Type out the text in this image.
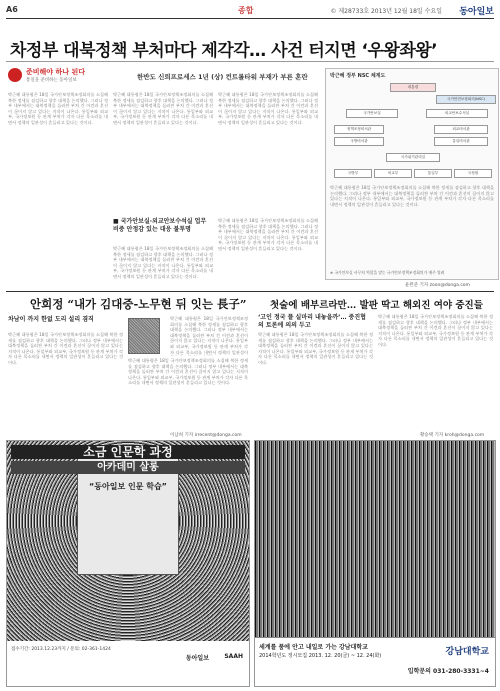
A6	종합	© 제28733호 2013년 12월 18일 수요일 동아일보
차정부 대북정책 부처마다 제각각… 사건 터지면 ‘우왕좌왕’
준비해야 하나 된다
통일을 준비하는 동아일보	한반도 신뢰프로세스 1년 (상) 컨트롤타워 부재가 부른 혼란
박근혜 대통령은 18일 국가안보정책조정회의를 소집해 북한 정세를 점검하고 향후 대책을 논의했다. 그러나 정부 내부에서는 대북정책을 둘러싼 부처 간 이견과 혼선이 끊이지 않고 있다는 지적이 나온다. 통일부와 외교부, 국가정보원 등 관계 부처가 각자 다른 목소리를 내면서 정책의 일관성이 흔들리고 있다는 것이다.
박근혜 대통령은 18일 국가안보정책조정회의를 소집해 북한 정세를 점검하고 향후 대책을 논의했다. 그러나 정부 내부에서는 대북정책을 둘러싼 부처 간 이견과 혼선이 끊이지 않고 있다는 지적이 나온다. 통일부와 외교부, 국가정보원 등 관계 부처가 각자 다른 목소리를 내면서 정책의 일관성이 흔들리고 있다는 것이다.
■ 국가안보실·외교안보수석실 업무 비중 안정감 있는 대응 불투명
박근혜 대통령은 18일 국가안보정책조정회의를 소집해 북한 정세를 점검하고 향후 대책을 논의했다. 그러나 정부 내부에서는 대북정책을 둘러싼 부처 간 이견과 혼선이 끊이지 않고 있다는 지적이 나온다. 통일부와 외교부, 국가정보원 등 관계 부처가 각자 다른 목소리를 내면서 정책의 일관성이 흔들리고 있다는 것이다.
박근혜 대통령은 18일 국가안보정책조정회의를 소집해 북한 정세를 점검하고 향후 대책을 논의했다. 그러나 정부 내부에서는 대북정책을 둘러싼 부처 간 이견과 혼선이 끊이지 않고 있다는 지적이 나온다. 통일부와 외교부, 국가정보원 등 관계 부처가 각자 다른 목소리를 내면서 정책의 일관성이 흔들리고 있다는 것이다.
박근혜 정부 NSC 체계도
대통령
국가안전보장회의(NSC)
국가안보실	외교안보수석실
정책조정비서관
국방비서관
외교비서관
통일비서관
국가위기관리실
국방부	외교부	통일부	국정원
박근혜 대통령은 18일 국가안보정책조정회의를 소집해 북한 정세를 점검하고 향후 대책을 논의했다. 그러나 정부 내부에서는 대북정책을 둘러싼 부처 간 이견과 혼선이 끊이지 않고 있다는 지적이 나온다. 통일부와 외교부, 국가정보원 등 관계 부처가 각자 다른 목소리를 내면서 정책의 일관성이 흔들리고 있다는 것이다.
※ 국가안보실 사무처 역할을 맡는 국가안보정책조정회의가 매주 열려
박근혜 대통령은 18일 국가안보정책조정회의를 소집해 북한 정세를 점검하고 향후 대책을 논의했다. 그러나 정부 내부에서는 대북정책을 둘러싼 부처 간 이견과 혼선이 끊이지 않고 있다는 지적이 나온다. 통일부와 외교부, 국가정보원 등 관계 부처가 각자 다른 목소리를 내면서 정책의 일관성이 흔들리고 있다는 것이다.
윤완준 기자 zoon@donga.com
안희정 “내가 김대중-노무현 뒤 잇는 長子”
차남이 까지 한없 도리 설리 겸직
박근혜 대통령은 18일 국가안보정책조정회의를 소집해 북한 정세를 점검하고 향후 대책을 논의했다. 그러나 정부 내부에서는 대북정책을 둘러싼 부처 간 이견과 혼선이 끊이지 않고 있다는 지적이 나온다. 통일부와 외교부, 국가정보원 등 관계 부처가 각자 다른 목소리를 내면서 정책의 일관성이 흔들리고 있다는 것이다.	박근혜 대통령은 18일 국가안보정책조정회의를 소집해 북한 정세를 점검하고 향후 대책을 논의했다. 그러나 정부 내부에서는 대북정책을 둘러싼 부처 간 이견과 혼선이 끊이지 않고 있다는 지적이 나온다. 통일부와 외교부, 국가정보원 등 관계 부처가 각자 다른 목소리를 내면서 정책의 일관성이 흔들리고 있다는 것이다.
박근혜 대통령은 18일 국가안보정책조정회의를 소집해 북한 정세를 점검하고 향후 대책을 논의했다. 그러나 정부 내부에서는 대북정책을 둘러싼 부처 간 이견과 혼선이 끊이지 않고 있다는 지적이 나온다. 통일부와 외교부, 국가정보원 등 관계 부처가 각자 다른 목소리를 내면서 정책의 일관성이
이남희 기자 irrecent@donga.com
첫술에 배부르라만… 발판 딱고 해외진 여야 중진들
‘고인 정국 풀 실마리 내놓을까’… 중진협의 토론에 의의 두고
박근혜 대통령은 18일 국가안보정책조정회의를 소집해 북한 정세를 점검하고 향후 대책을 논의했다. 그러나 정부 내부에서는 대북정책을 둘러싼 부처 간 이견과 혼선이 끊이지 않고 있다는 지적이 나온다. 통일부와 외교부, 국가정보원 등 관계 부처가 각자 다른 목소리를 내면서 정책의 일관성이 흔들리고 있다는 것이다.
박근혜 대통령은 18일 국가안보정책조정회의를 소집해 북한 정세를 점검하고 향후 대책을 논의했다. 그러나 정부 내부에서는 대북정책을 둘러싼 부처 간 이견과 혼선이 끊이지 않고 있다는 지적이 나온다. 통일부와 외교부, 국가정보원 등 관계 부처가 각자 다른 목소리를 내면서 정책의 일관성이 흔들리고 있다는 것이다.
황승택 기자 kroh@donga.com
소금 인문학 과정
아카데미 살롱
“동아일보 인문 학습”
접수기간: 2013.12.23까지 / 문의: 02-361-1424
동아일보	SAAH
세계를 품에 안고 내일로 가는 강남대학교
2014학년도 정시모집 2013. 12. 20(금) ~ 12. 24(화)	강남대학교
입학문의 031-280-3331~4
